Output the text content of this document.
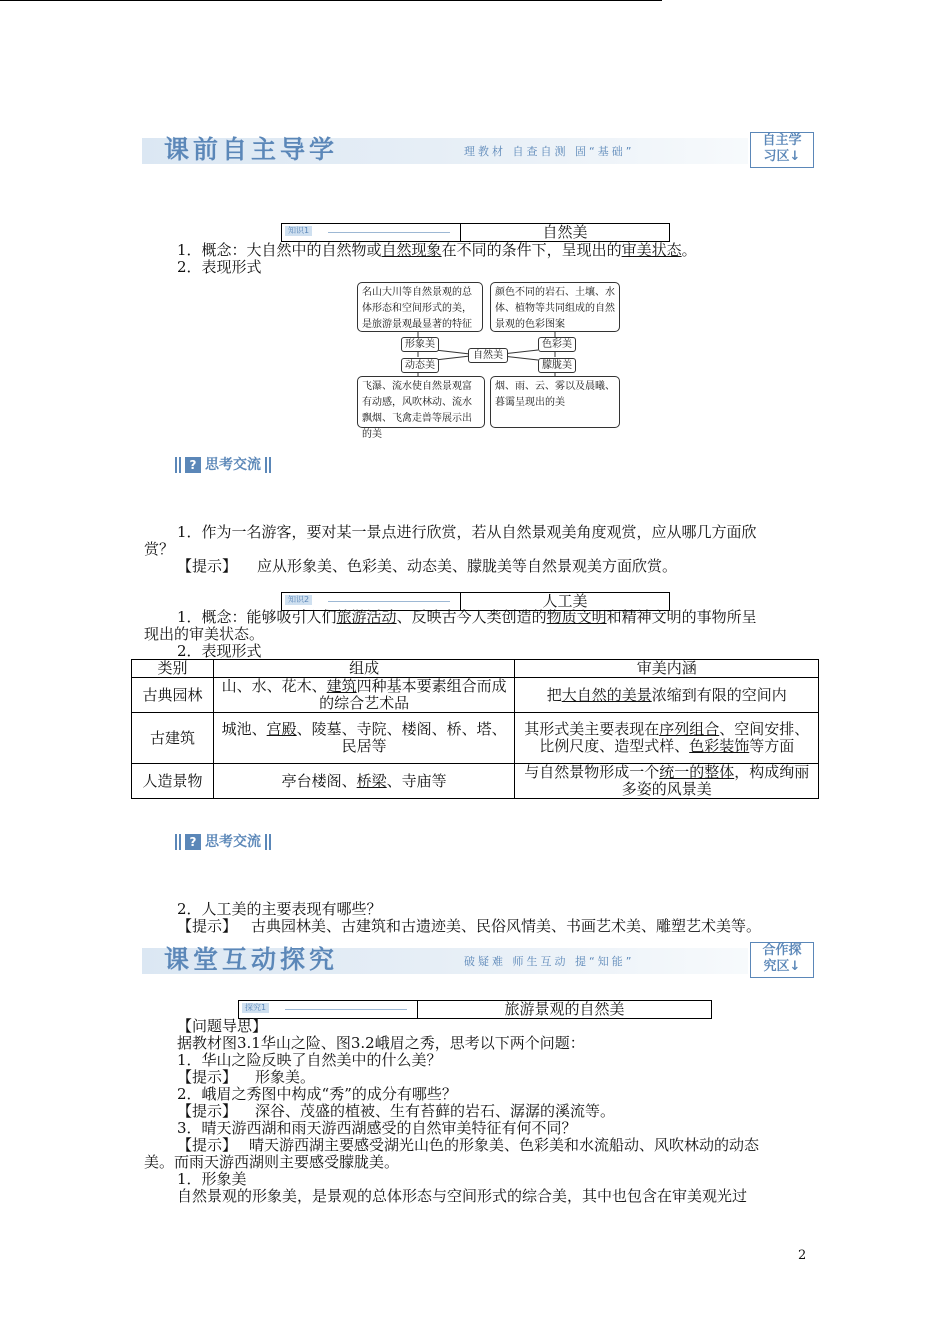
课前自主导学	理教材 自查自测 固“基础”
自主学
习区↓
知识1	自然美
1．概念：大自然中的自然物或自然现象在不同的条件下，呈现出的审美状态。
2．表现形式
名山大川等自然景观的总体形态和空间形式的美，是旅游景观最显著的特征
颜色不同的岩石、土壤、水体、植物等共同组成的自然景观的色彩图案
形象美	色彩美
自然美
动态美	朦胧美
飞瀑、流水使自然景观富有动感，风吹林动、流水飘烟、飞禽走兽等展示出的美
烟、雨、云、雾以及晨曦、暮霭呈现出的美
? 思考交流
1．作为一名游客，要对某一景点进行欣赏，若从自然景观美角度观赏，应从哪几方面欣
赏？
【提示】 应从形象美、色彩美、动态美、朦胧美等自然景观美方面欣赏。
知识2	人工美
1．概念：能够吸引人们旅游活动、反映古今人类创造的物质文明和精神文明的事物所呈
现出的审美状态。
2．表现形式
类别	组成	审美内涵
古典园林	山、水、花木、建筑四种基本要素组合而成的综合艺术品	把大自然的美景浓缩到有限的空间内
古建筑	城池、宫殿、陵墓、寺院、楼阁、桥、塔、民居等	其形式美主要表现在序列组合、空间安排、比例尺度、造型式样、色彩装饰等方面
人造景物	亭台楼阁、桥梁、寺庙等	与自然景物形成一个统一的整体，构成绚丽多姿的风景美
? 思考交流
2．人工美的主要表现有哪些？
【提示】 古典园林美、古建筑和古遗迹美、民俗风情美、书画艺术美、雕塑艺术美等。
课堂互动探究	破疑难 师生互动 提“知能”
合作探
究区↓
探究1	旅游景观的自然美
【问题导思】
据教材图3.1华山之险、图3.2峨眉之秀，思考以下两个问题：
1．华山之险反映了自然美中的什么美？
【提示】 形象美。
2．峨眉之秀图中构成“秀”的成分有哪些？
【提示】 深谷、茂盛的植被、生有苔藓的岩石、潺潺的溪流等。
3．晴天游西湖和雨天游西湖感受的自然审美特征有何不同？
【提示】 晴天游西湖主要感受湖光山色的形象美、色彩美和水流船动、风吹林动的动态
美。而雨天游西湖则主要感受朦胧美。
1．形象美
自然景观的形象美，是景观的总体形态与空间形式的综合美，其中也包含在审美观光过
2
